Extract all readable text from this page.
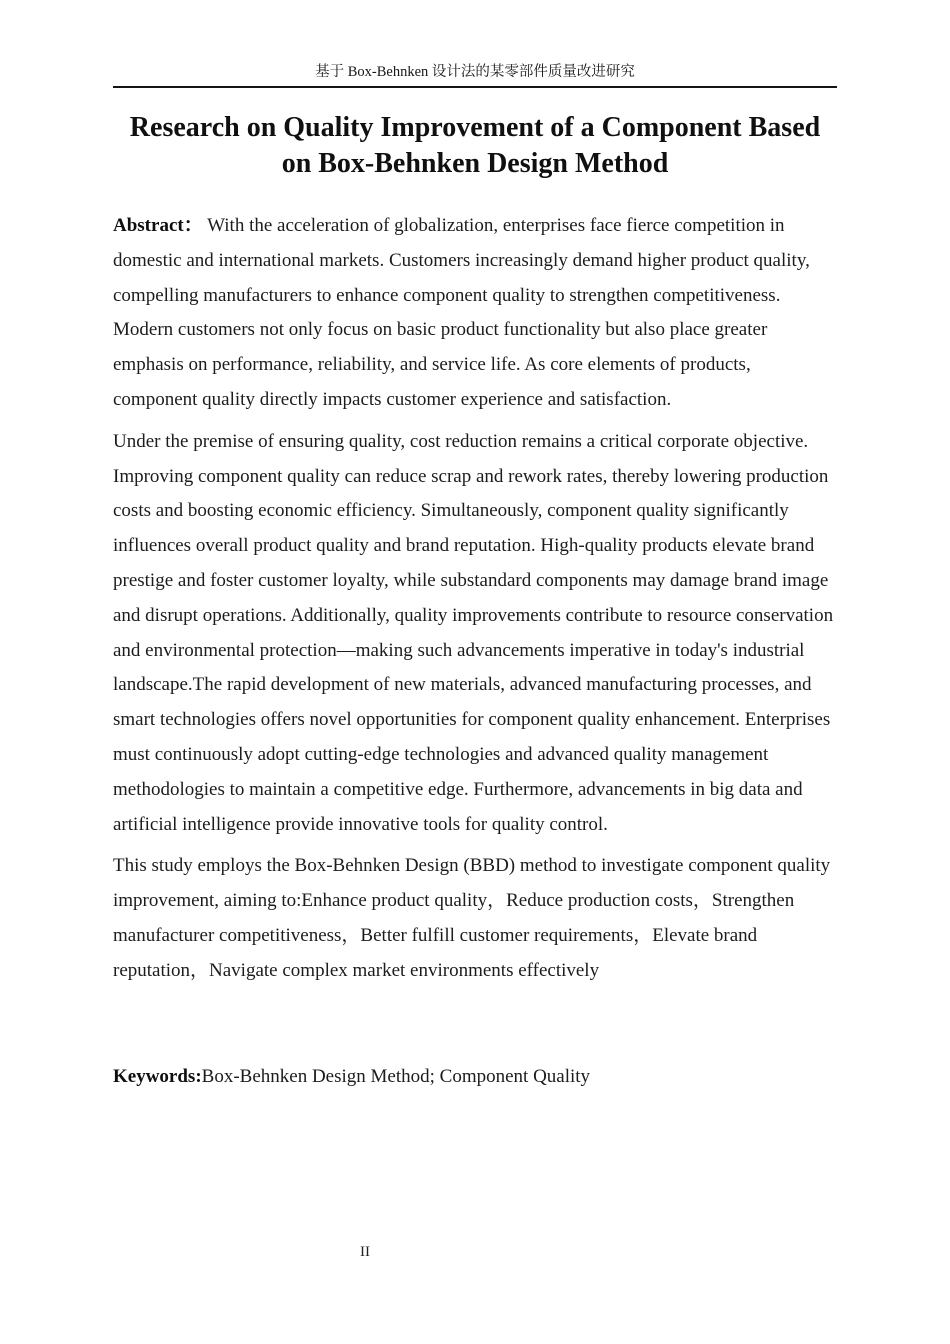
基于 Box-Behnken 设计法的某零部件质量改进研究
Research on Quality Improvement of a Component Based
on Box-Behnken Design Method

Abstract： With the acceleration of globalization, enterprises face fierce competition in domestic and international markets. Customers increasingly demand higher product quality, compelling manufacturers to enhance component quality to strengthen competitiveness. Modern customers not only focus on basic product functionality but also place greater emphasis on performance, reliability, and service life. As core elements of products, component quality directly impacts customer experience and satisfaction.

Under the premise of ensuring quality, cost reduction remains a critical corporate objective. Improving component quality can reduce scrap and rework rates, thereby lowering production costs and boosting economic efficiency. Simultaneously, component quality significantly influences overall product quality and brand reputation. High-quality products elevate brand prestige and foster customer loyalty, while substandard components may damage brand image and disrupt operations. Additionally, quality improvements contribute to resource conservation and environmental protection—making such advancements imperative in today's industrial landscape.The rapid development of new materials, advanced manufacturing processes, and smart technologies offers novel opportunities for component quality enhancement. Enterprises must continuously adopt cutting-edge technologies and advanced quality management methodologies to maintain a competitive edge. Furthermore, advancements in big data and artificial intelligence provide innovative tools for quality control.

This study employs the Box-Behnken Design (BBD) method to investigate component quality improvement, aiming to:Enhance product quality，Reduce production costs，Strengthen manufacturer competitiveness，Better fulfill customer requirements，Elevate brand reputation，Navigate complex market environments effectively

Keywords:Box-Behnken Design Method; Component Quality

II
